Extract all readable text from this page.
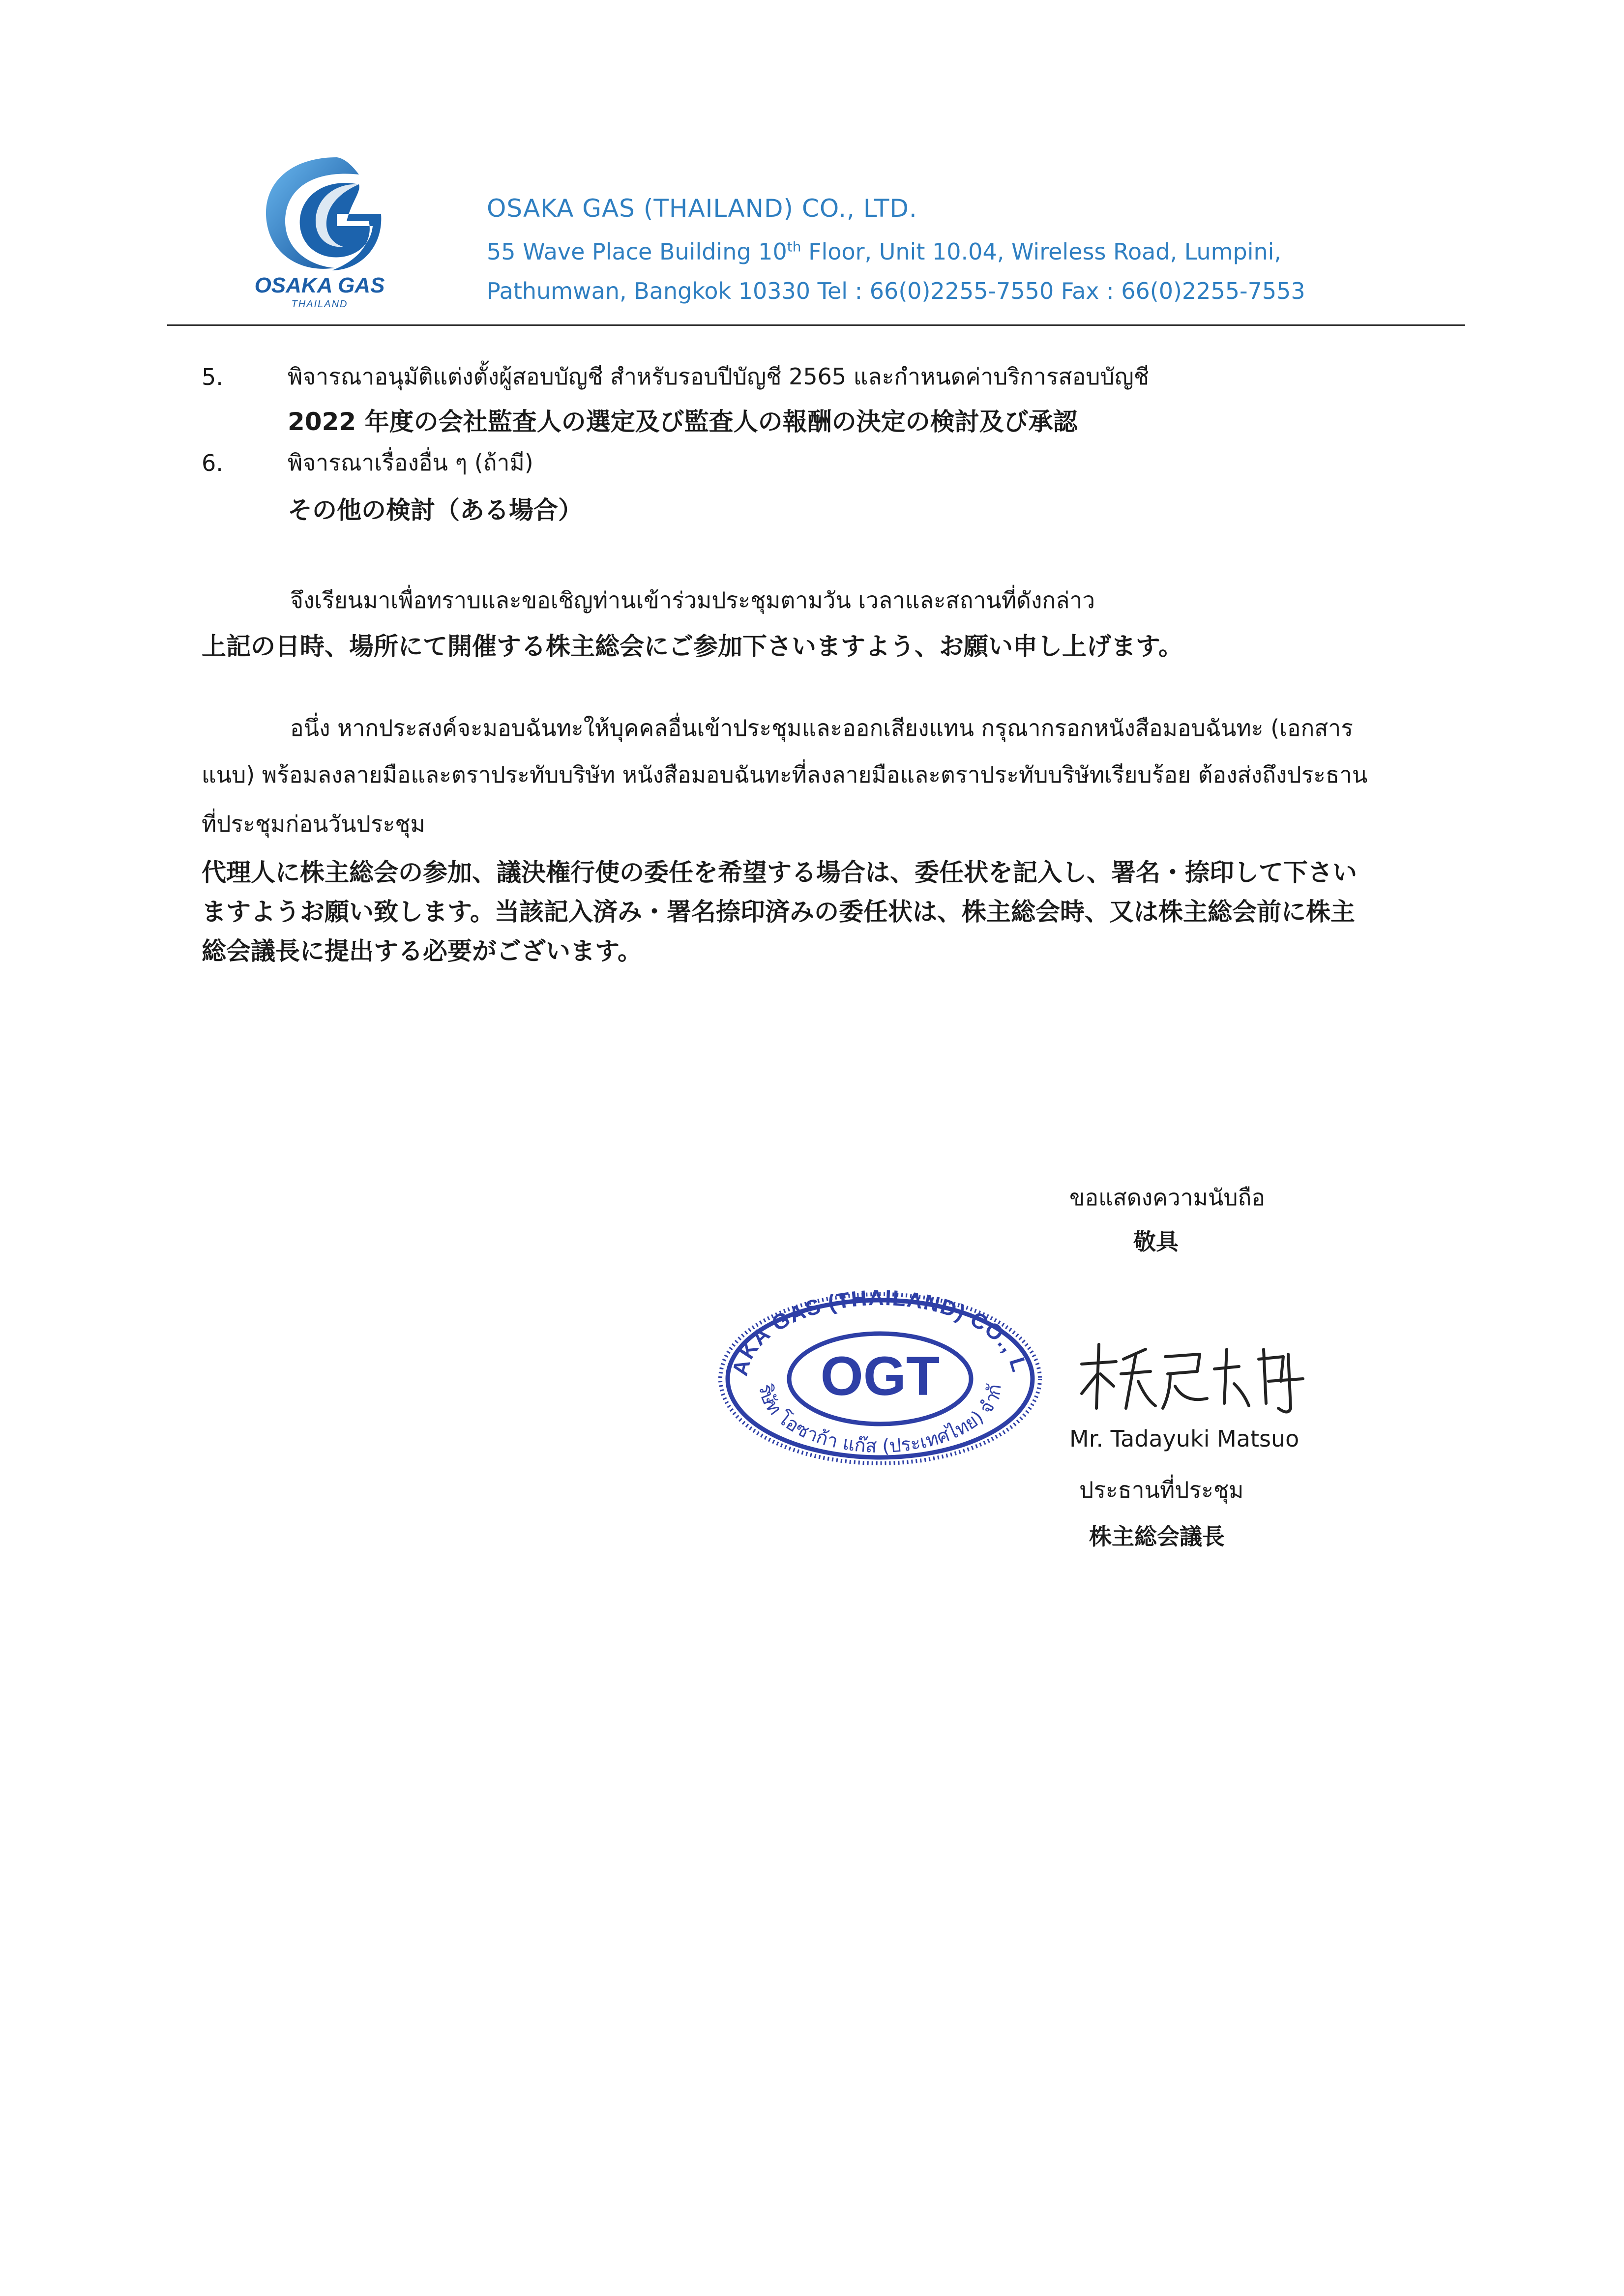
OSAKA GAS
THAILAND
OSAKA GAS (THAILAND) CO., LTD.
55 Wave Place Building 10th Floor, Unit 10.04, Wireless Road, Lumpini,
Pathumwan, Bangkok 10330 Tel : 66(0)2255-7550 Fax : 66(0)2255-7553
5.	พิจารณาอนุมัติแต่งตั้งผู้สอบบัญชี สำหรับรอบปีบัญชี 2565 และกำหนดค่าบริการสอบบัญชี
2022 年度の会社監査人の選定及び監査人の報酬の決定の検討及び承認
6.	พิจารณาเรื่องอื่น ๆ (ถ้ามี)
その他の検討（ある場合）
จึงเรียนมาเพื่อทราบและขอเชิญท่านเข้าร่วมประชุมตามวัน เวลาและสถานที่ดังกล่าว
上記の日時、場所にて開催する株主総会にご参加下さいますよう、お願い申し上げます。
อนึ่ง หากประสงค์จะมอบฉันทะให้บุคคลอื่นเข้าประชุมและออกเสียงแทน กรุณากรอกหนังสือมอบฉันทะ (เอกสาร
แนบ) พร้อมลงลายมือและตราประทับบริษัท หนังสือมอบฉันทะที่ลงลายมือและตราประทับบริษัทเรียบร้อย ต้องส่งถึงประธาน
ที่ประชุมก่อนวันประชุม
代理人に株主総会の参加、議決権行使の委任を希望する場合は、委任状を記入し、署名・捺印して下さい
ますようお願い致します。当該記入済み・署名捺印済みの委任状は、株主総会時、又は株主総会前に株主
総会議長に提出する必要がございます。
ขอแสดงความนับถือ
敬具
AKA GAS (THAILAND) CO., L
OGT
ริษัท โอซาก้า แก๊ส (ประเทศไทย) จำกั
Mr. Tadayuki Matsuo
ประธานที่ประชุม
株主総会議長
